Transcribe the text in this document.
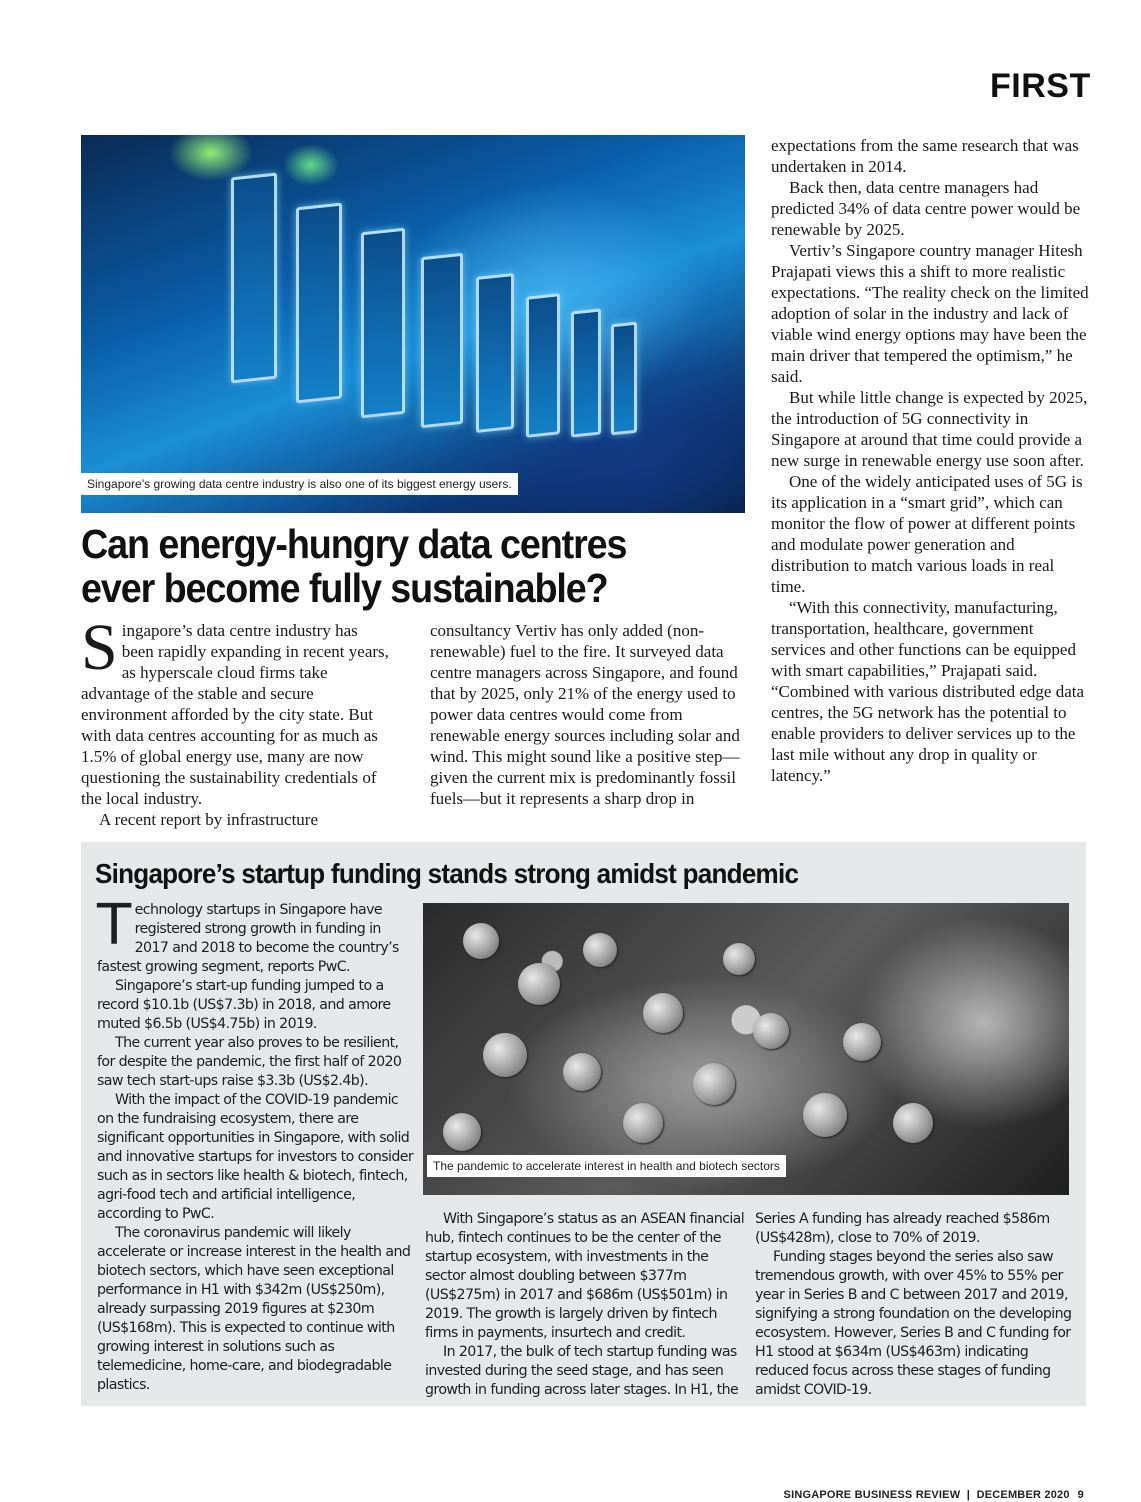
FIRST
Singapore’s growing data centre industry is also one of its biggest energy users.
Can energy-hungry data centres ever become fully sustainable?

Singapore’s data centre industry has been rapidly expanding in recent years, as hyperscale cloud firms take advantage of the stable and secure environment afforded by the city state. But with data centres accounting for as much as 1.5% of global energy use, many are now questioning the sustainability credentials of the local industry.

A recent report by infrastructure

consultancy Vertiv has only added (non-renewable) fuel to the fire. It surveyed data centre managers across Singapore, and found that by 2025, only 21% of the energy used to power data centres would come from renewable energy sources including solar and wind. This might sound like a positive step—given the current mix is predominantly fossil fuels—but it represents a sharp drop in

expectations from the same research that was undertaken in 2014.

Back then, data centre managers had predicted 34% of data centre power would be renewable by 2025.

Vertiv’s Singapore country manager Hitesh Prajapati views this a shift to more realistic expectations. “The reality check on the limited adoption of solar in the industry and lack of viable wind energy options may have been the main driver that tempered the optimism,” he said.

But while little change is expected by 2025, the introduction of 5G connectivity in Singapore at around that time could provide a new surge in renewable energy use soon after.

One of the widely anticipated uses of 5G is its application in a “smart grid”, which can monitor the flow of power at different points and modulate power generation and distribution to match various loads in real time.

“With this connectivity, manufacturing, transportation, healthcare, government services and other functions can be equipped with smart capabilities,” Prajapati said. “Combined with various distributed edge data centres, the 5G network has the potential to enable providers to deliver services up to the last mile without any drop in quality or latency.”

Singapore’s startup funding stands strong amidst pandemic

Technology startups in Singapore have registered strong growth in funding in 2017 and 2018 to become the country’s fastest growing segment, reports PwC.

Singapore’s start-up funding jumped to a record $10.1b (US$7.3b) in 2018, and amore muted $6.5b (US$4.75b) in 2019.

The current year also proves to be resilient, for despite the pandemic, the first half of 2020 saw tech start-ups raise $3.3b (US$2.4b).

With the impact of the COVID-19 pandemic on the fundraising ecosystem, there are significant opportunities in Singapore, with solid and innovative startups for investors to consider such as in sectors like health & biotech, fintech, agri-food tech and artificial intelligence, according to PwC.

The coronavirus pandemic will likely accelerate or increase interest in the health and biotech sectors, which have seen exceptional performance in H1 with $342m (US$250m), already surpassing 2019 figures at $230m (US$168m). This is expected to continue with growing interest in solutions such as telemedicine, home-care, and biodegradable plastics.

The pandemic to accelerate interest in health and biotech sectors

With Singapore’s status as an ASEAN financial hub, fintech continues to be the center of the startup ecosystem, with investments in the sector almost doubling between $377m (US$275m) in 2017 and $686m (US$501m) in 2019. The growth is largely driven by fintech firms in payments, insurtech and credit.

In 2017, the bulk of tech startup funding was invested during the seed stage, and has seen growth in funding across later stages. In H1, the

Series A funding has already reached $586m (US$428m), close to 70% of 2019.

Funding stages beyond the series also saw tremendous growth, with over 45% to 55% per year in Series B and C between 2017 and 2019, signifying a strong foundation on the developing ecosystem. However, Series B and C funding for H1 stood at $634m (US$463m) indicating reduced focus across these stages of funding amidst COVID-19.

SINGAPORE BUSINESS REVIEW  |  DECEMBER 2020 9
